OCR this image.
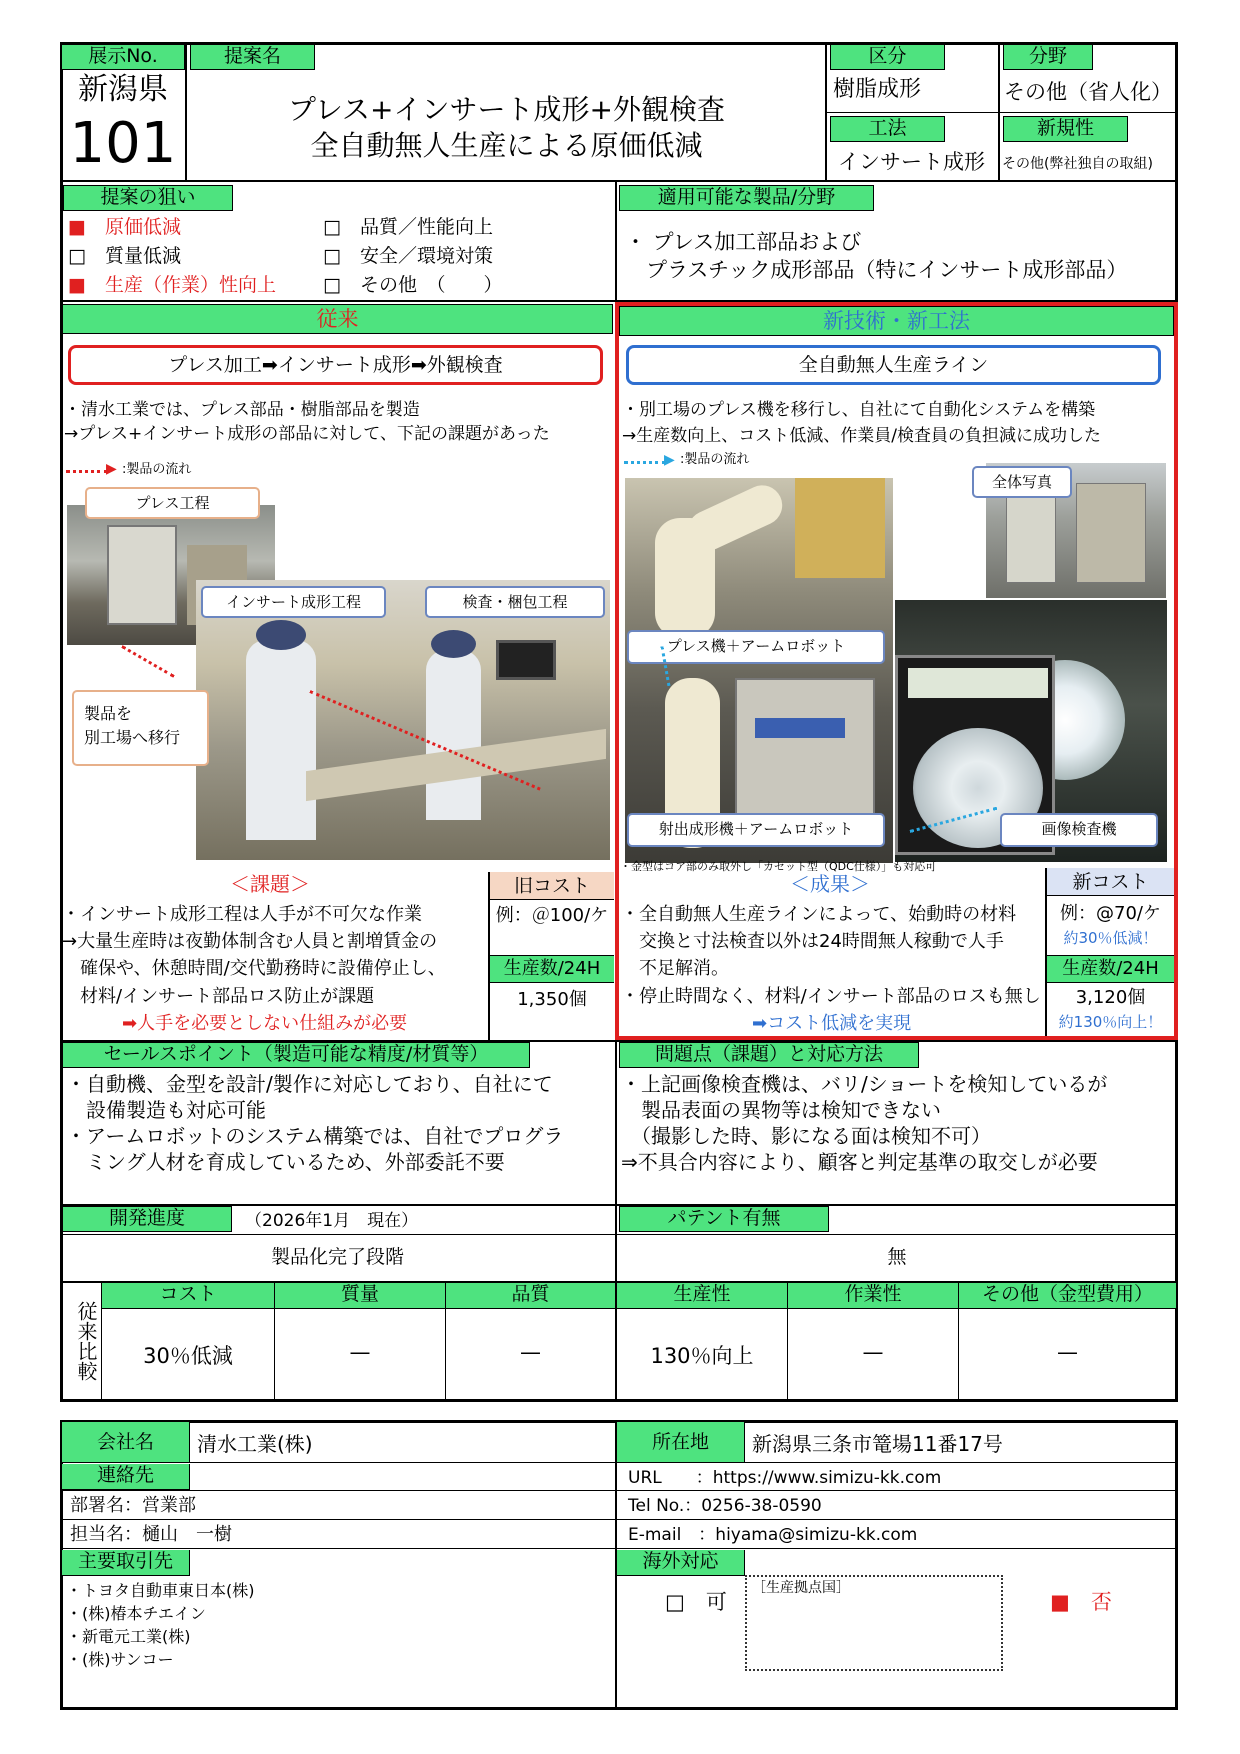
展示No.	提案名
新潟県
101
プレス+インサート成形+外観検査
全自動無人生産による原価低減
区分
樹脂成形
工法
インサート成形
分野
その他（省人化）
新規性
その他(弊社独自の取組)
提案の狙い
■　 原価低減	□　 品質／性能向上
□　 質量低減	□　 安全／環境対策
■　 生産（作業）性向上 □　 その他　（　　）
適用可能な製品/分野
・ プレス加工部品および
　プラスチック成形部品（特にインサート成形部品）
従来
プレス加工➡インサート成形➡外観検査
・清水工業では、プレス部品・樹脂部品を製造
→プレス+インサート成形の部品に対して、下記の課題があった
▶ :製品の流れ
プレス工程
インサート成形工程	検査・梱包工程
製品を
別工場へ移行
＜課題＞
・インサート成形工程は人手が不可欠な作業
→大量生産時は夜勤体制含む人員と割増賃金の
　確保や、休憩時間/交代勤務時に設備停止し、
　材料/インサート部品ロス防止が課題
➡人手を必要としない仕組みが必要
旧コスト
例：＠100/ケ
生産数/24H
1,350個
新技術・新工法
全自動無人生産ライン
・別工場のプレス機を移行し、自社にて自動化システムを構築
→生産数向上、コスト低減、作業員/検査員の負担減に成功した
▶ :製品の流れ
全体写真
プレス機＋アームロボット
射出成形機＋アームロボット	画像検査機
・金型はコア部のみ取外し「カセット型（QDC仕様）」も対応可
＜成果＞
・全自動無人生産ラインによって、始動時の材料
　交換と寸法検査以外は24時間無人稼動で人手
　不足解消。
・停止時間なく、材料/インサート部品のロスも無し
➡コスト低減を実現
新コスト
例：@70/ケ
約30％低減！
生産数/24H
3,120個
約130％向上！
セールスポイント（製造可能な精度/材質等）
・自動機、金型を設計/製作に対応しており、自社にて
　設備製造も対応可能
・アームロボットのシステム構築では、自社でプログラ
　ミング人材を育成しているため、外部委託不要
問題点（課題）と対応方法
・上記画像検査機は、バリ/ショートを検知しているが
　製品表面の異物等は検知できない
　（撮影した時、影になる面は検知不可）
⇒不具合内容により、顧客と判定基準の取交しが必要
開発進度	（2026年1月　現在）
製品化完了段階
パテント有無
無
従来比較
コスト	質量	品質	生産性	作業性	その他（金型費用）
30％低減	—	—	130％向上	—	—
会社名	清水工業(株)	所在地	新潟県三条市篭場11番17号
連絡先
部署名：営業部
担当名：樋山　一樹
URL　　：https://www.simizu-kk.com
Tel No.：0256-38-0590
E-mail　：hiyama@simizu-kk.com
主要取引先
・トヨタ自動車東日本(株)
・(株)椿本チエイン
・新電元工業(株)
・(株)サンコー
海外対応
□　 可
［生産拠点国］
■　 否
